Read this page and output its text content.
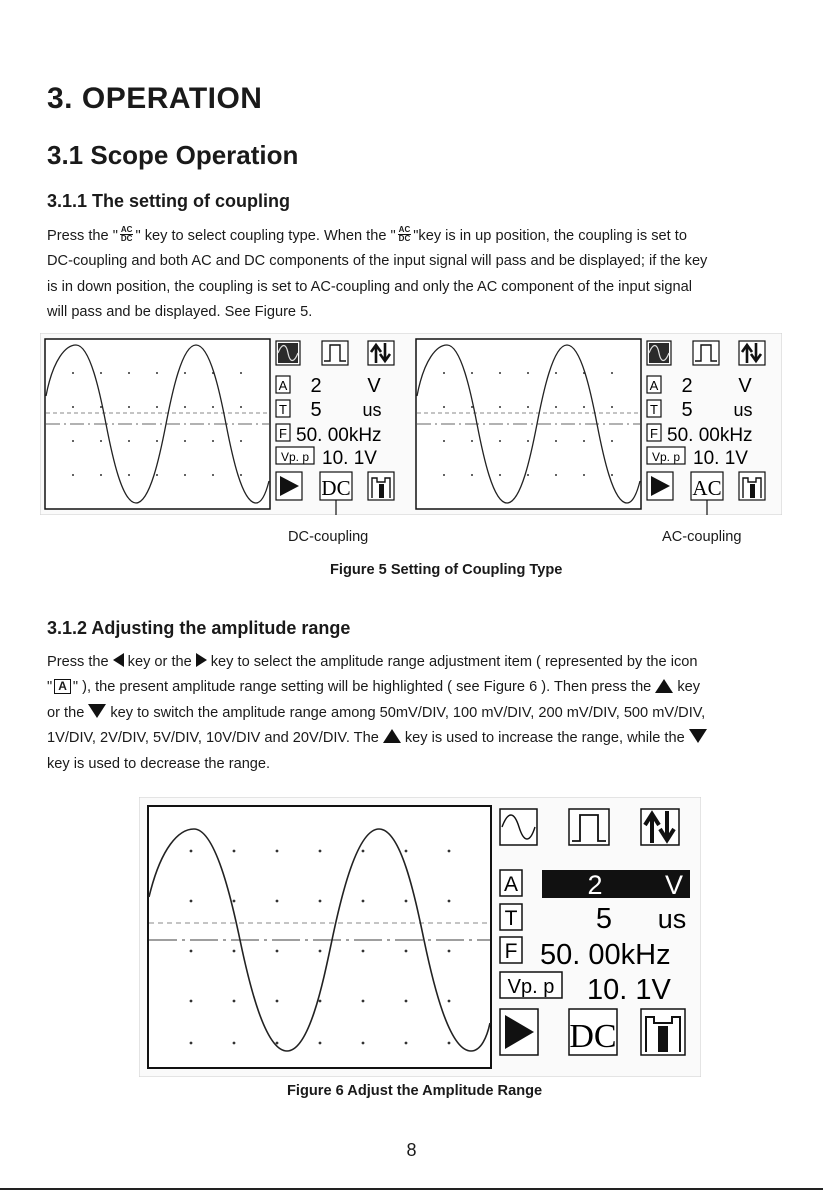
3. OPERATION
3.1 Scope Operation
3.1.1 The setting of coupling
Press the " $\frac{AC}{DC}$ " key to select coupling type. When the " $\frac{AC}{DC}$ "key is in up position, the coupling is set to
DC-coupling and both AC and DC components of the input signal will pass and be displayed; if the key
is in down position, the coupling is set to AC-coupling and only the AC component of the input signal
will pass and be displayed. See Figure 5.
A 2 V
T 5 us
F 50. 00kHz
Vp. p 10. 1V
DC
A 2 V
T 5 us
F 50. 00kHz
Vp. p 10. 1V
AC
DC-coupling	AC-coupling
Figure 5 Setting of Coupling Type
3.1.2 Adjusting the amplitude range
Press the key or the key to select the amplitude range adjustment item ( represented by the icon
" A " ), the present amplitude range setting will be highlighted ( see Figure 6 ). Then press the key
or the key to switch the amplitude range among 50mV/DIV, 100 mV/DIV, 200 mV/DIV, 500 mV/DIV,
1V/DIV, 2V/DIV, 5V/DIV, 10V/DIV and 20V/DIV. The key is used to increase the range, while the
key is used to decrease the range.
A	2 V
T	5 us
F 50. 00kHz
Vp. p 10. 1V
DC
Figure 6 Adjust the Amplitude Range
8
